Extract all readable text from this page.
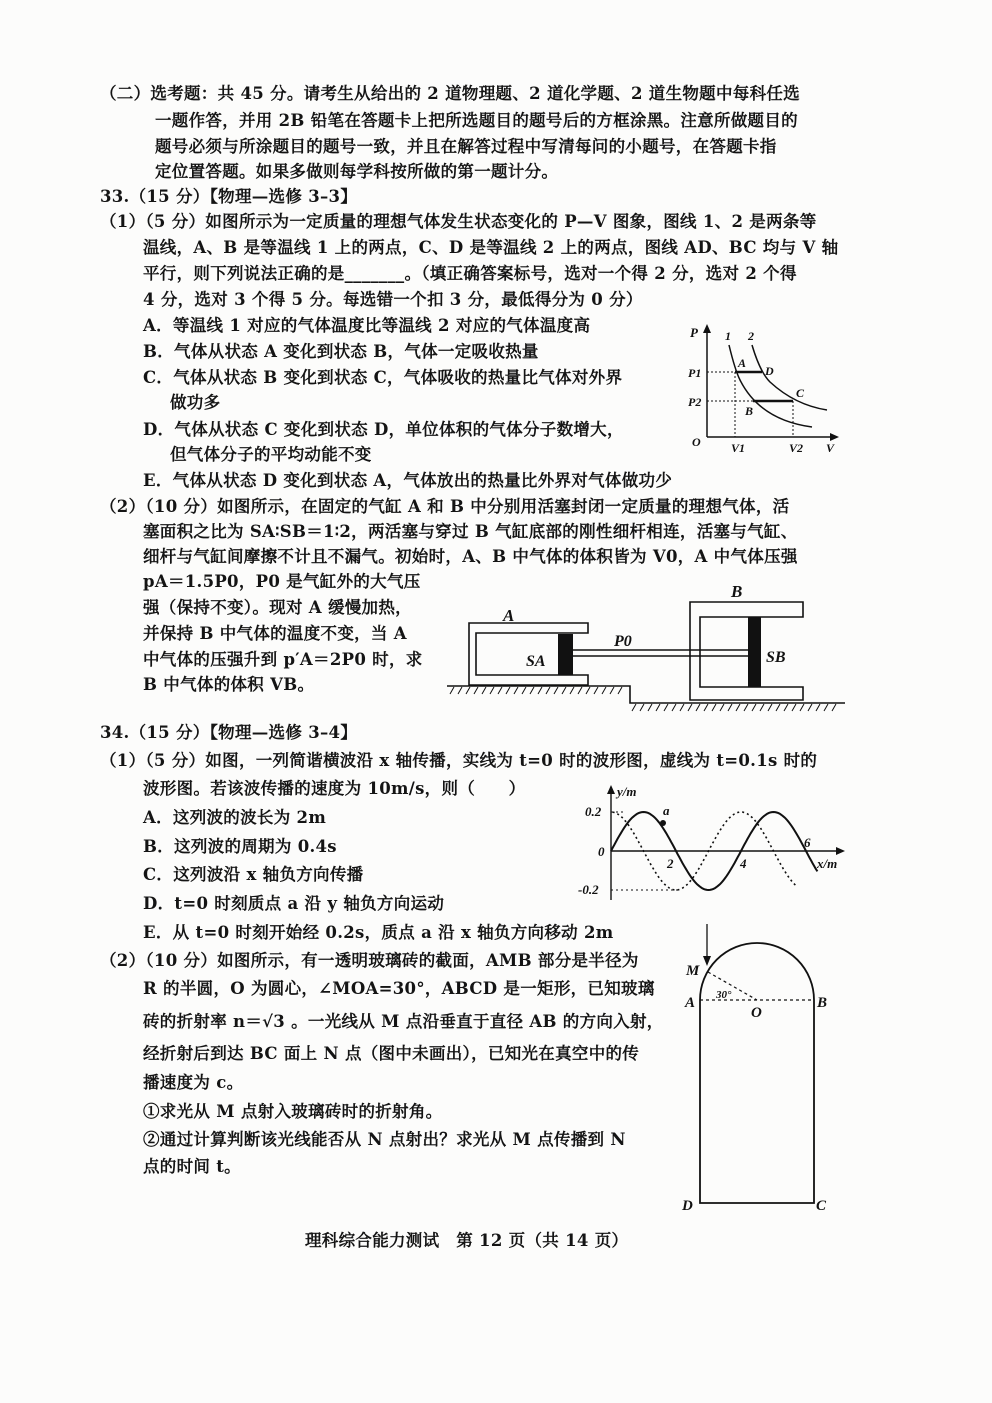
（二）选考题：共 45 分。请考生从给出的 2 道物理题、2 道化学题、2 道生物题中每科任选
一题作答，并用 2B 铅笔在答题卡上把所选题目的题号后的方框涂黑。注意所做题目的
题号必须与所涂题目的题号一致，并且在解答过程中写清每问的小题号，在答题卡指
定位置答题。如果多做则每学科按所做的第一题计分。
33.（15 分）【物理—选修 3–3】
（1）（5 分）如图所示为一定质量的理想气体发生状态变化的 P—V 图象，图线 1、2 是两条等
温线，A、B 是等温线 1 上的两点，C、D 是等温线 2 上的两点，图线 AD、BC 均与 V 轴
平行，则下列说法正确的是_______。（填正确答案标号，选对一个得 2 分，选对 2 个得
4 分，选对 3 个得 5 分。每选错一个扣 3 分，最低得分为 0 分）
A．等温线 1 对应的气体温度比等温线 2 对应的气体温度高
B．气体从状态 A 变化到状态 B，气体一定吸收热量
C．气体从状态 B 变化到状态 C，气体吸收的热量比气体对外界
做功多
D．气体从状态 C 变化到状态 D，单位体积的气体分子数增大，
但气体分子的平均动能不变
E．气体从状态 D 变化到状态 A，气体放出的热量比外界对气体做功少
（2）（10 分）如图所示，在固定的气缸 A 和 B 中分别用活塞封闭一定质量的理想气体，活
塞面积之比为 SA∶SB＝1∶2，两活塞与穿过 B 气缸底部的刚性细杆相连，活塞与气缸、
细杆与气缸间摩擦不计且不漏气。初始时，A、B 中气体的体积皆为 V0，A 中气体压强
pA＝1.5P0，P0 是气缸外的大气压
强（保持不变）。现对 A 缓慢加热，
并保持 B 中气体的温度不变，当 A
中气体的压强升到 p′A＝2P0 时，求
B 中气体的体积 VB。
P 1 2
P1
P2
O	V1	V2 V
A
D
B
C
A
B
P0
SA	SB
34.（15 分）【物理—选修 3–4】
（1）（5 分）如图，一列简谐横波沿 x 轴传播，实线为 t=0 时的波形图，虚线为 t=0.1s 时的
波形图。若该波传播的速度为 10m/s，则（　　）
A．这列波的波长为 2m
B．这列波的周期为 0.4s
C．这列波沿 x 轴负方向传播
D．t=0 时刻质点 a 沿 y 轴负方向运动
E．从 t=0 时刻开始经 0.2s，质点 a 沿 x 轴负方向移动 2m
（2）（10 分）如图所示，有一透明玻璃砖的截面，AMB 部分是半径为
R 的半圆，O 为圆心，∠MOA=30°，ABCD 是一矩形，已知玻璃
砖的折射率 n＝√3 。一光线从 M 点沿垂直于直径 AB 的方向入射，
经折射后到达 BC 面上 N 点（图中未画出），已知光在真空中的传
播速度为 c。
①求光从 M 点射入玻璃砖时的折射角。
②通过计算判断该光线能否从 N 点射出？求光从 M 点传播到 N
点的时间 t。
y/m
x/m
0.2
0
-0.2
2	4
6
a
M
A	B
O
30°
D	C
理科综合能力测试　第 12 页（共 14 页）
